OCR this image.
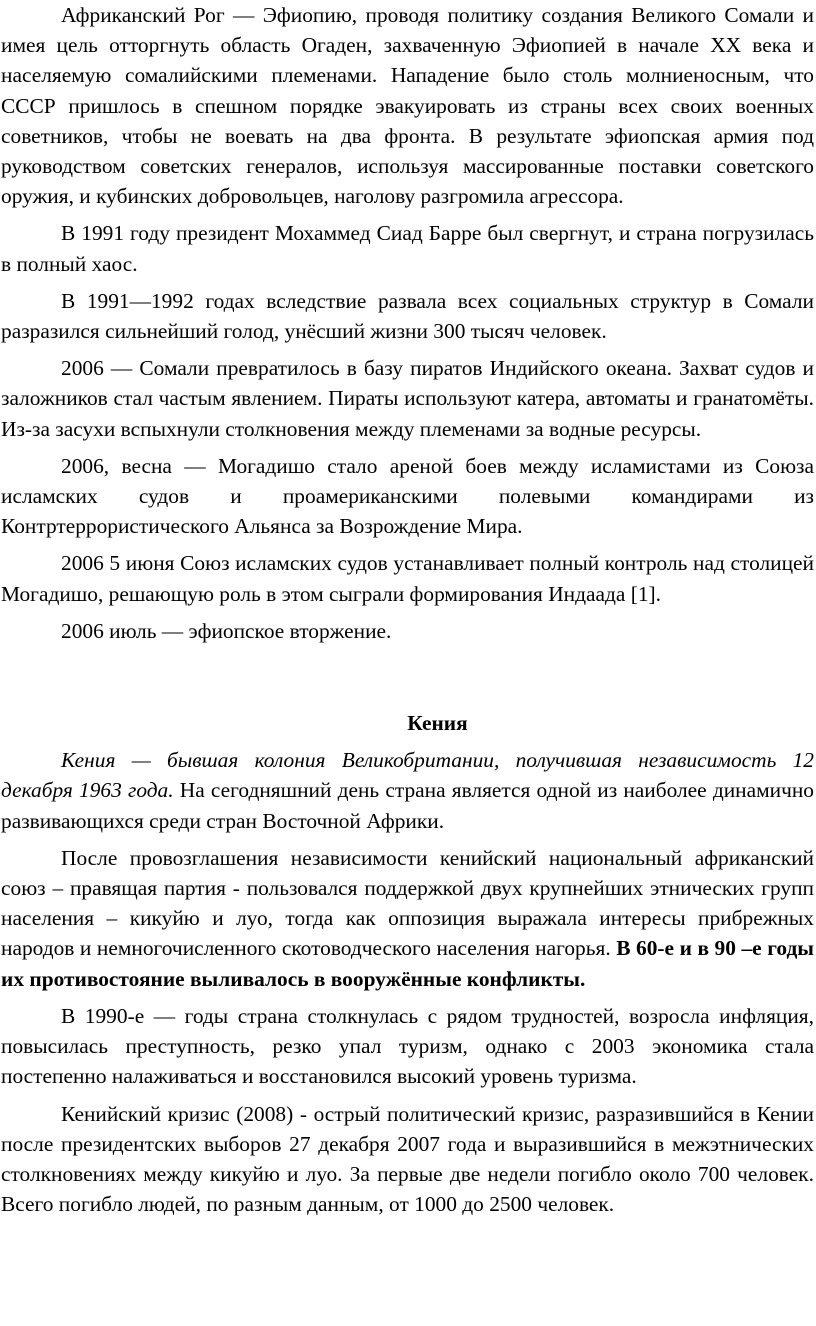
Африканский Рог — Эфиопию, проводя политику создания Великого Сомали и имея цель отторгнуть область Огаден, захваченную Эфиопией в начале XX века и населяемую сомалийскими племенами. Нападение было столь молниеносным, что СССР пришлось в спешном порядке эвакуировать из страны всех своих военных советников, чтобы не воевать на два фронта. В результате эфиопская армия под руководством советских генералов, используя массированные поставки советского оружия, и кубинских добровольцев, наголову разгромила агрессора.

В 1991 году президент Мохаммед Сиад Барре был свергнут, и страна погрузилась в полный хаос.

В 1991—1992 годах вследствие развала всех социальных структур в Сомали разразился сильнейший голод, унёсший жизни 300 тысяч человек.

2006 — Сомали превратилось в базу пиратов Индийского океана. Захват судов и заложников стал частым явлением. Пираты используют катера, автоматы и гранатомёты. Из-за засухи вспыхнули столкновения между племенами за водные ресурсы.

2006, весна — Могадишо стало ареной боев между исламистами из Союза исламских судов и проамериканскими полевыми командирами из Контртеррористического Альянса за Возрождение Мира.

2006 5 июня Союз исламских судов устанавливает полный контроль над столицей Могадишо, решающую роль в этом сыграли формирования Индаада [1].

2006 июль — эфиопское вторжение.

Кения

Кения — бывшая колония Великобритании, получившая независимость 12 декабря 1963 года. На сегодняшний день страна является одной из наиболее динамично развивающихся среди стран Восточной Африки.

После провозглашения независимости кенийский национальный африканский союз – правящая партия - пользовался поддержкой двух крупнейших этнических групп населения – кикуйю и луо, тогда как оппозиция выражала интересы прибрежных народов и немногочисленного скотоводческого населения нагорья. В 60-е и в 90 –е годы их противостояние выливалось в вооружённые конфликты.

В 1990-е — годы страна столкнулась с рядом трудностей, возросла инфляция, повысилась преступность, резко упал туризм, однако с 2003 экономика стала постепенно налаживаться и восстановился высокий уровень туризма.

Кенийский кризис (2008) - острый политический кризис, разразившийся в Кении после президентских выборов 27 декабря 2007 года и выразившийся в межэтнических столкновениях между кикуйю и луо. За первые две недели погибло около 700 человек. Всего погибло людей, по разным данным, от 1000 до 2500 человек.
